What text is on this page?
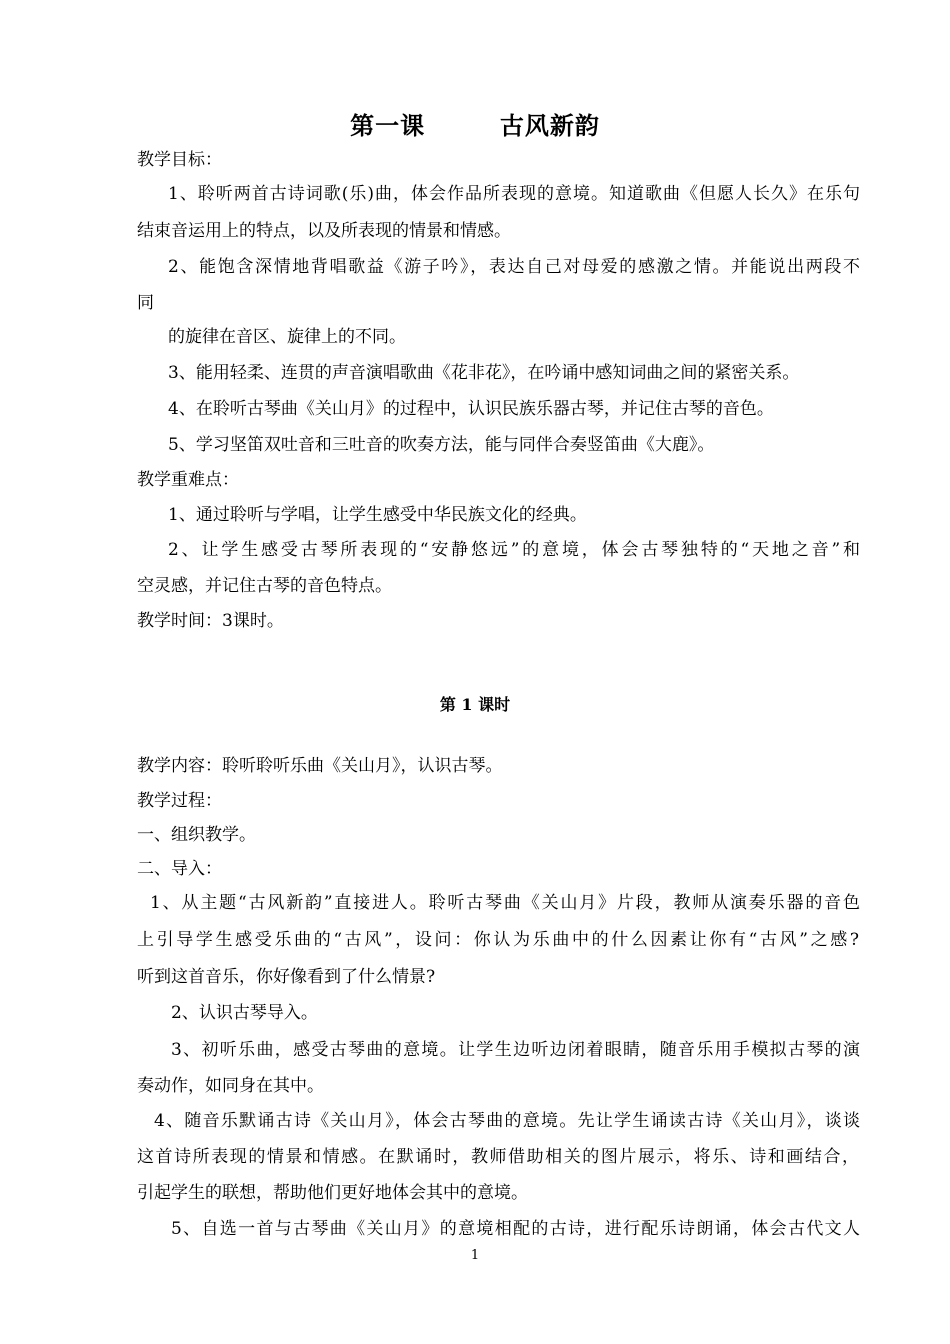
第一课        古风新韵
教学目标：
1、聆听两首古诗词歌(乐)曲，体会作品所表现的意境。知道歌曲《但愿人长久》在乐句
结束音运用上的特点，以及所表现的情景和情感。
2、能饱含深情地背唱歌益《游子吟》，表达自己对母爱的感激之情。并能说出两段不
同
的旋律在音区、旋律上的不同。
3、能用轻柔、连贯的声音演唱歌曲《花非花》，在吟诵中感知词曲之间的紧密关系。
4、在聆听古琴曲《关山月》的过程中，认识民族乐器古琴，并记住古琴的音色。
5、学习坚笛双吐音和三吐音的吹奏方法，能与同伴合奏竖笛曲《大鹿》。
教学重难点：
1、通过聆听与学唱，让学生感受中华民族文化的经典。
2、让学生感受古琴所表现的“安静悠远”的意境，体会古琴独特的“天地之音”和
空灵感，并记住古琴的音色特点。
教学时间：3课时。
第 1 课时
教学内容：聆听聆听乐曲《关山月》，认识古琴。
教学过程：
一、组织教学。
二、导入：
1、从主题“古风新韵”直接进人。聆听古琴曲《关山月》片段，教师从演奏乐器的音色
上引导学生感受乐曲的“古风”，设问：你认为乐曲中的什么因素让你有“古风”之感?
听到这首音乐，你好像看到了什么情景?
2、认识古琴导入。
3、初听乐曲，感受古琴曲的意境。让学生边听边闭着眼睛，随音乐用手模拟古琴的演
奏动作，如同身在其中。
4、随音乐默诵古诗《关山月》，体会古琴曲的意境。先让学生诵读古诗《关山月》，谈谈
这首诗所表现的情景和情感。在默诵时，教师借助相关的图片展示，将乐、诗和画结合，
引起学生的联想，帮助他们更好地体会其中的意境。
5、自选一首与古琴曲《关山月》的意境相配的古诗，进行配乐诗朗诵，体会古代文人
1
